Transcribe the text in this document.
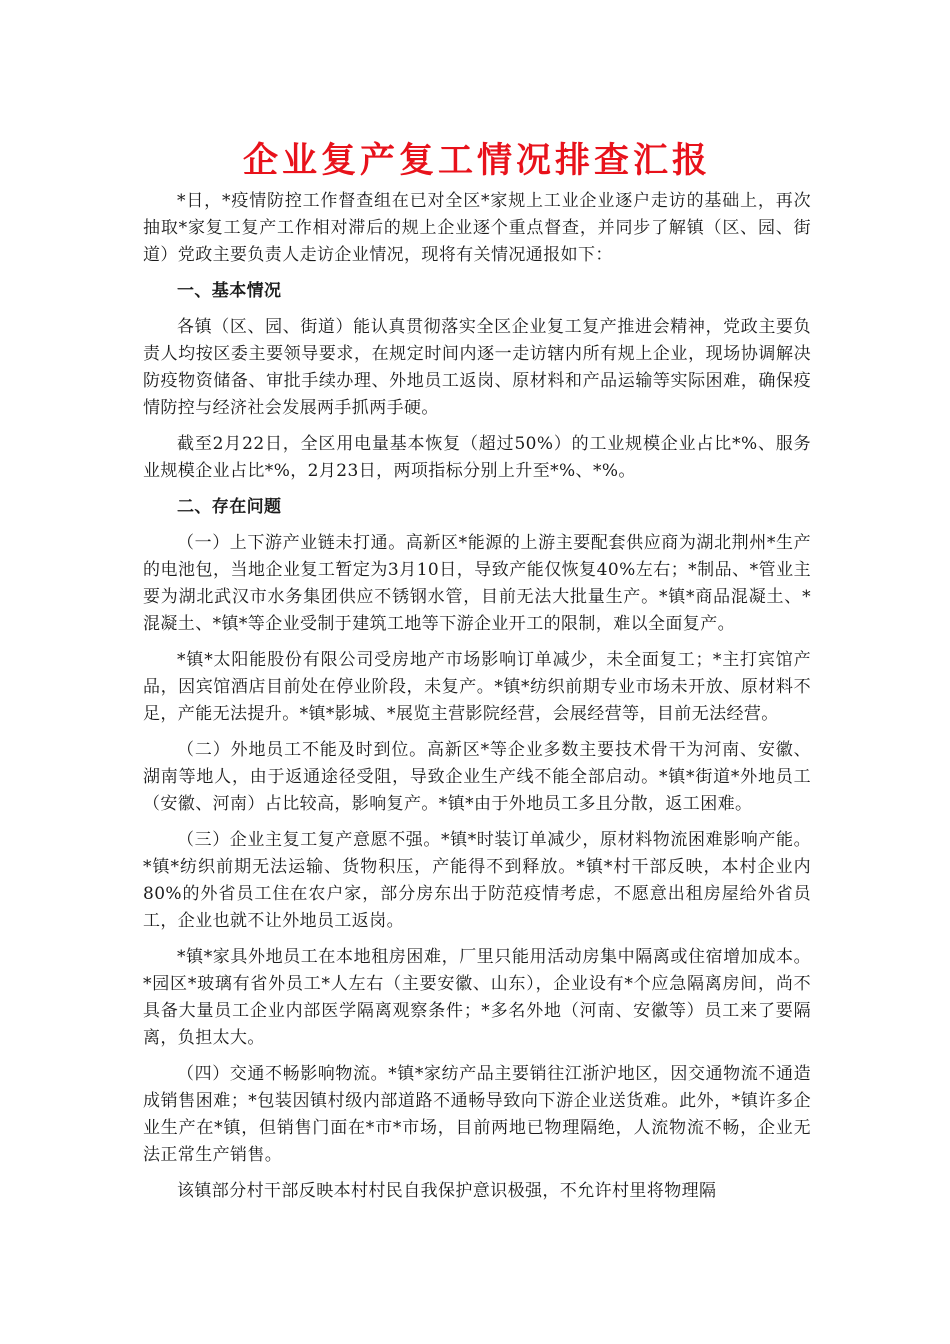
企业复产复工情况排查汇报

*日，*疫情防控工作督查组在已对全区*家规上工业企业逐户走访的基础上，再次抽取*家复工复产工作相对滞后的规上企业逐个重点督查，并同步了解镇（区、园、街道）党政主要负责人走访企业情况，现将有关情况通报如下：

一、基本情况

各镇（区、园、街道）能认真贯彻落实全区企业复工复产推进会精神，党政主要负责人均按区委主要领导要求，在规定时间内逐一走访辖内所有规上企业，现场协调解决防疫物资储备、审批手续办理、外地员工返岗、原材料和产品运输等实际困难，确保疫情防控与经济社会发展两手抓两手硬。

截至2月22日，全区用电量基本恢复（超过50%）的工业规模企业占比*%、服务业规模企业占比*%，2月23日，两项指标分别上升至*%、*%。

二、存在问题

（一）上下游产业链未打通。高新区*能源的上游主要配套供应商为湖北荆州*生产的电池包，当地企业复工暂定为3月10日，导致产能仅恢复40%左右；*制品、*管业主要为湖北武汉市水务集团供应不锈钢水管，目前无法大批量生产。*镇*商品混凝土、*混凝土、*镇*等企业受制于建筑工地等下游企业开工的限制，难以全面复产。

*镇*太阳能股份有限公司受房地产市场影响订单减少，未全面复工；*主打宾馆产品，因宾馆酒店目前处在停业阶段，未复产。*镇*纺织前期专业市场未开放、原材料不足，产能无法提升。*镇*影城、*展览主营影院经营，会展经营等，目前无法经营。

（二）外地员工不能及时到位。高新区*等企业多数主要技术骨干为河南、安徽、湖南等地人，由于返通途径受阻，导致企业生产线不能全部启动。*镇*街道*外地员工（安徽、河南）占比较高，影响复产。*镇*由于外地员工多且分散，返工困难。

（三）企业主复工复产意愿不强。*镇*时装订单减少，原材料物流困难影响产能。*镇*纺织前期无法运输、货物积压，产能得不到释放。*镇*村干部反映，本村企业内80%的外省员工住在农户家，部分房东出于防范疫情考虑，不愿意出租房屋给外省员工，企业也就不让外地员工返岗。

*镇*家具外地员工在本地租房困难，厂里只能用活动房集中隔离或住宿增加成本。*园区*玻璃有省外员工*人左右（主要安徽、山东），企业设有*个应急隔离房间，尚不具备大量员工企业内部医学隔离观察条件；*多名外地（河南、安徽等）员工来了要隔离，负担太大。

（四）交通不畅影响物流。*镇*家纺产品主要销往江浙沪地区，因交通物流不通造成销售困难；*包装因镇村级内部道路不通畅导致向下游企业送货难。此外，*镇许多企业生产在*镇，但销售门面在*市*市场，目前两地已物理隔绝，人流物流不畅，企业无法正常生产销售。

该镇部分村干部反映本村村民自我保护意识极强，不允许村里将物理隔
